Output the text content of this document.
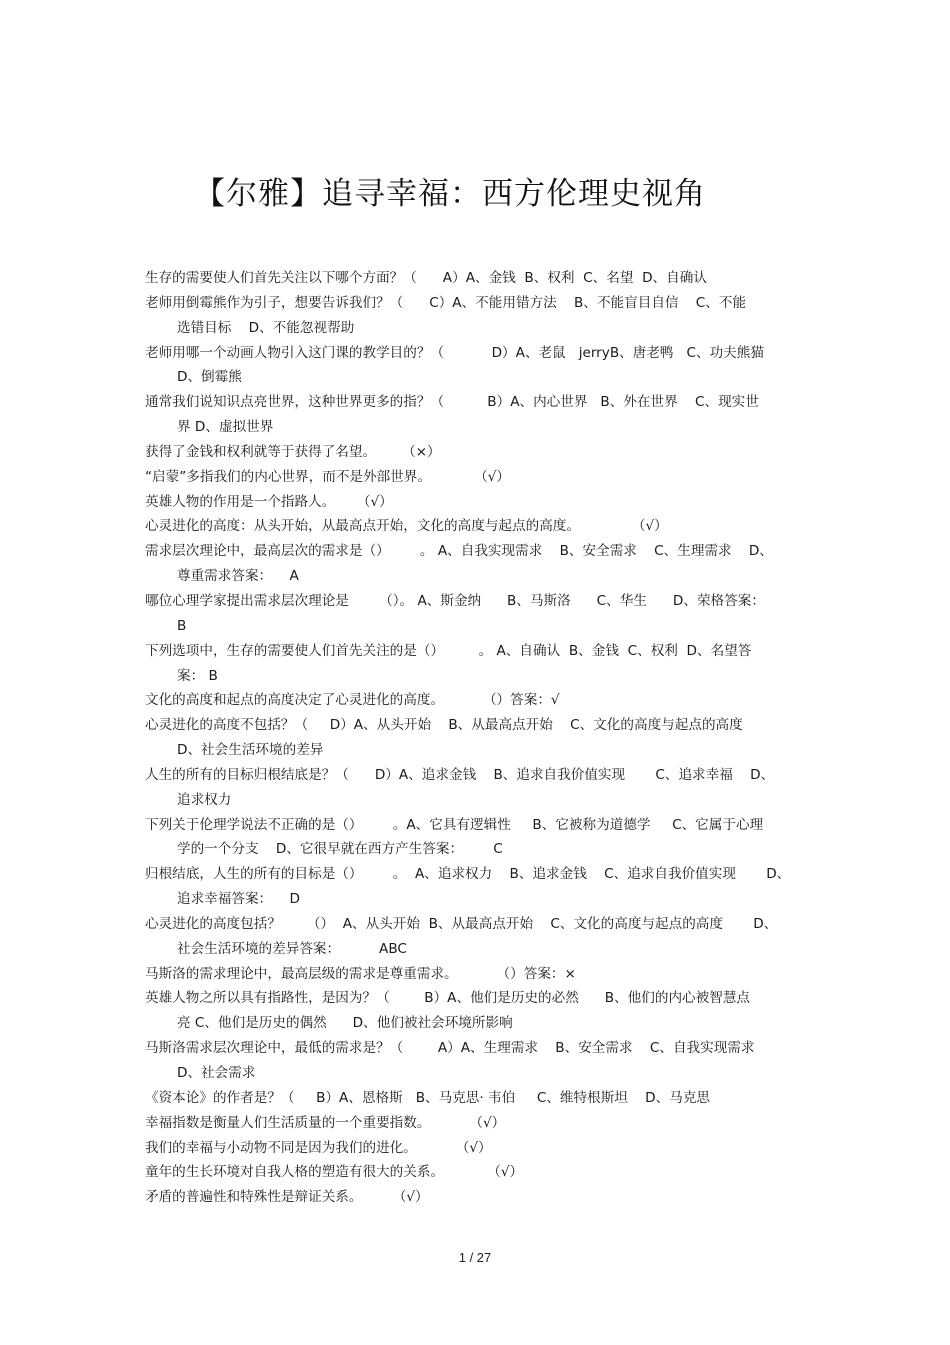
【尔雅】追寻幸福：西方伦理史视角
生存的需要使人们首先关注以下哪个方面？（      A）A、金钱  B、权利  C、名望  D、自确认
老师用倒霉熊作为引子，想要告诉我们？（      C）A、不能用错方法    B、不能盲目自信    C、不能
选错目标    D、不能忽视帮助
老师用哪一个动画人物引入这门课的教学目的？（           D）A、老鼠   jerryB、唐老鸭   C、功夫熊猫
D、倒霉熊
通常我们说知识点亮世界，这种世界更多的指？（          B）A、内心世界   B、外在世界    C、现实世
界 D、虚拟世界
获得了金钱和权利就等于获得了名望。      （×）
“启蒙”多指我们的内心世界，而不是外部世界。          （√）
英雄人物的作用是一个指路人。     （√）
心灵进化的高度：从头开始，从最高点开始，文化的高度与起点的高度。            （√）
需求层次理论中，最高层次的需求是（）       。 A、自我实现需求    B、安全需求    C、生理需求    D、
尊重需求答案：    A
哪位心理学家提出需求层次理论是       （）。 A、斯金纳      B、马斯洛      C、华生      D、荣格答案：
B
下列选项中，生存的需要使人们首先关注的是（）        。 A、自确认  B、金钱  C、权利  D、名望答
案： B
文化的高度和起点的高度决定了心灵进化的高度。         （）答案：√
心灵进化的高度不包括？（     D）A、从头开始    B、从最高点开始    C、文化的高度与起点的高度
D、社会生活环境的差异
人生的所有的目标归根结底是？（      D）A、追求金钱    B、追求自我价值实现       C、追求幸福    D、
追求权力
下列关于伦理学说法不正确的是（）       。A、它具有逻辑性     B、它被称为道德学     C、它属于心理
学的一个分支    D、它很早就在西方产生答案：       C
归根结底，人生的所有的目标是（）       。  A、追求权力    B、追求金钱    C、追求自我价值实现       D、
追求幸福答案：    D
心灵进化的高度包括？      （）  A、从头开始  B、从最高点开始    C、文化的高度与起点的高度       D、
社会生活环境的差异答案：         ABC
马斯洛的需求理论中，最高层级的需求是尊重需求。         （）答案：×
英雄人物之所以具有指路性，是因为？（        B）A、他们是历史的必然      B、他们的内心被智慧点
亮 C、他们是历史的偶然      D、他们被社会环境所影响
马斯洛需求层次理论中，最低的需求是？（        A）A、生理需求    B、安全需求    C、自我实现需求
D、社会需求
《资本论》的作者是？（     B）A、恩格斯   B、马克思· 韦伯     C、维特根斯坦    D、马克思
幸福指数是衡量人们生活质量的一个重要指数。         （√）
我们的幸福与小动物不同是因为我们的进化。         （√）
童年的生长环境对自我人格的塑造有很大的关系。          （√）
矛盾的普遍性和特殊性是辩证关系。       （√）
1 / 27
